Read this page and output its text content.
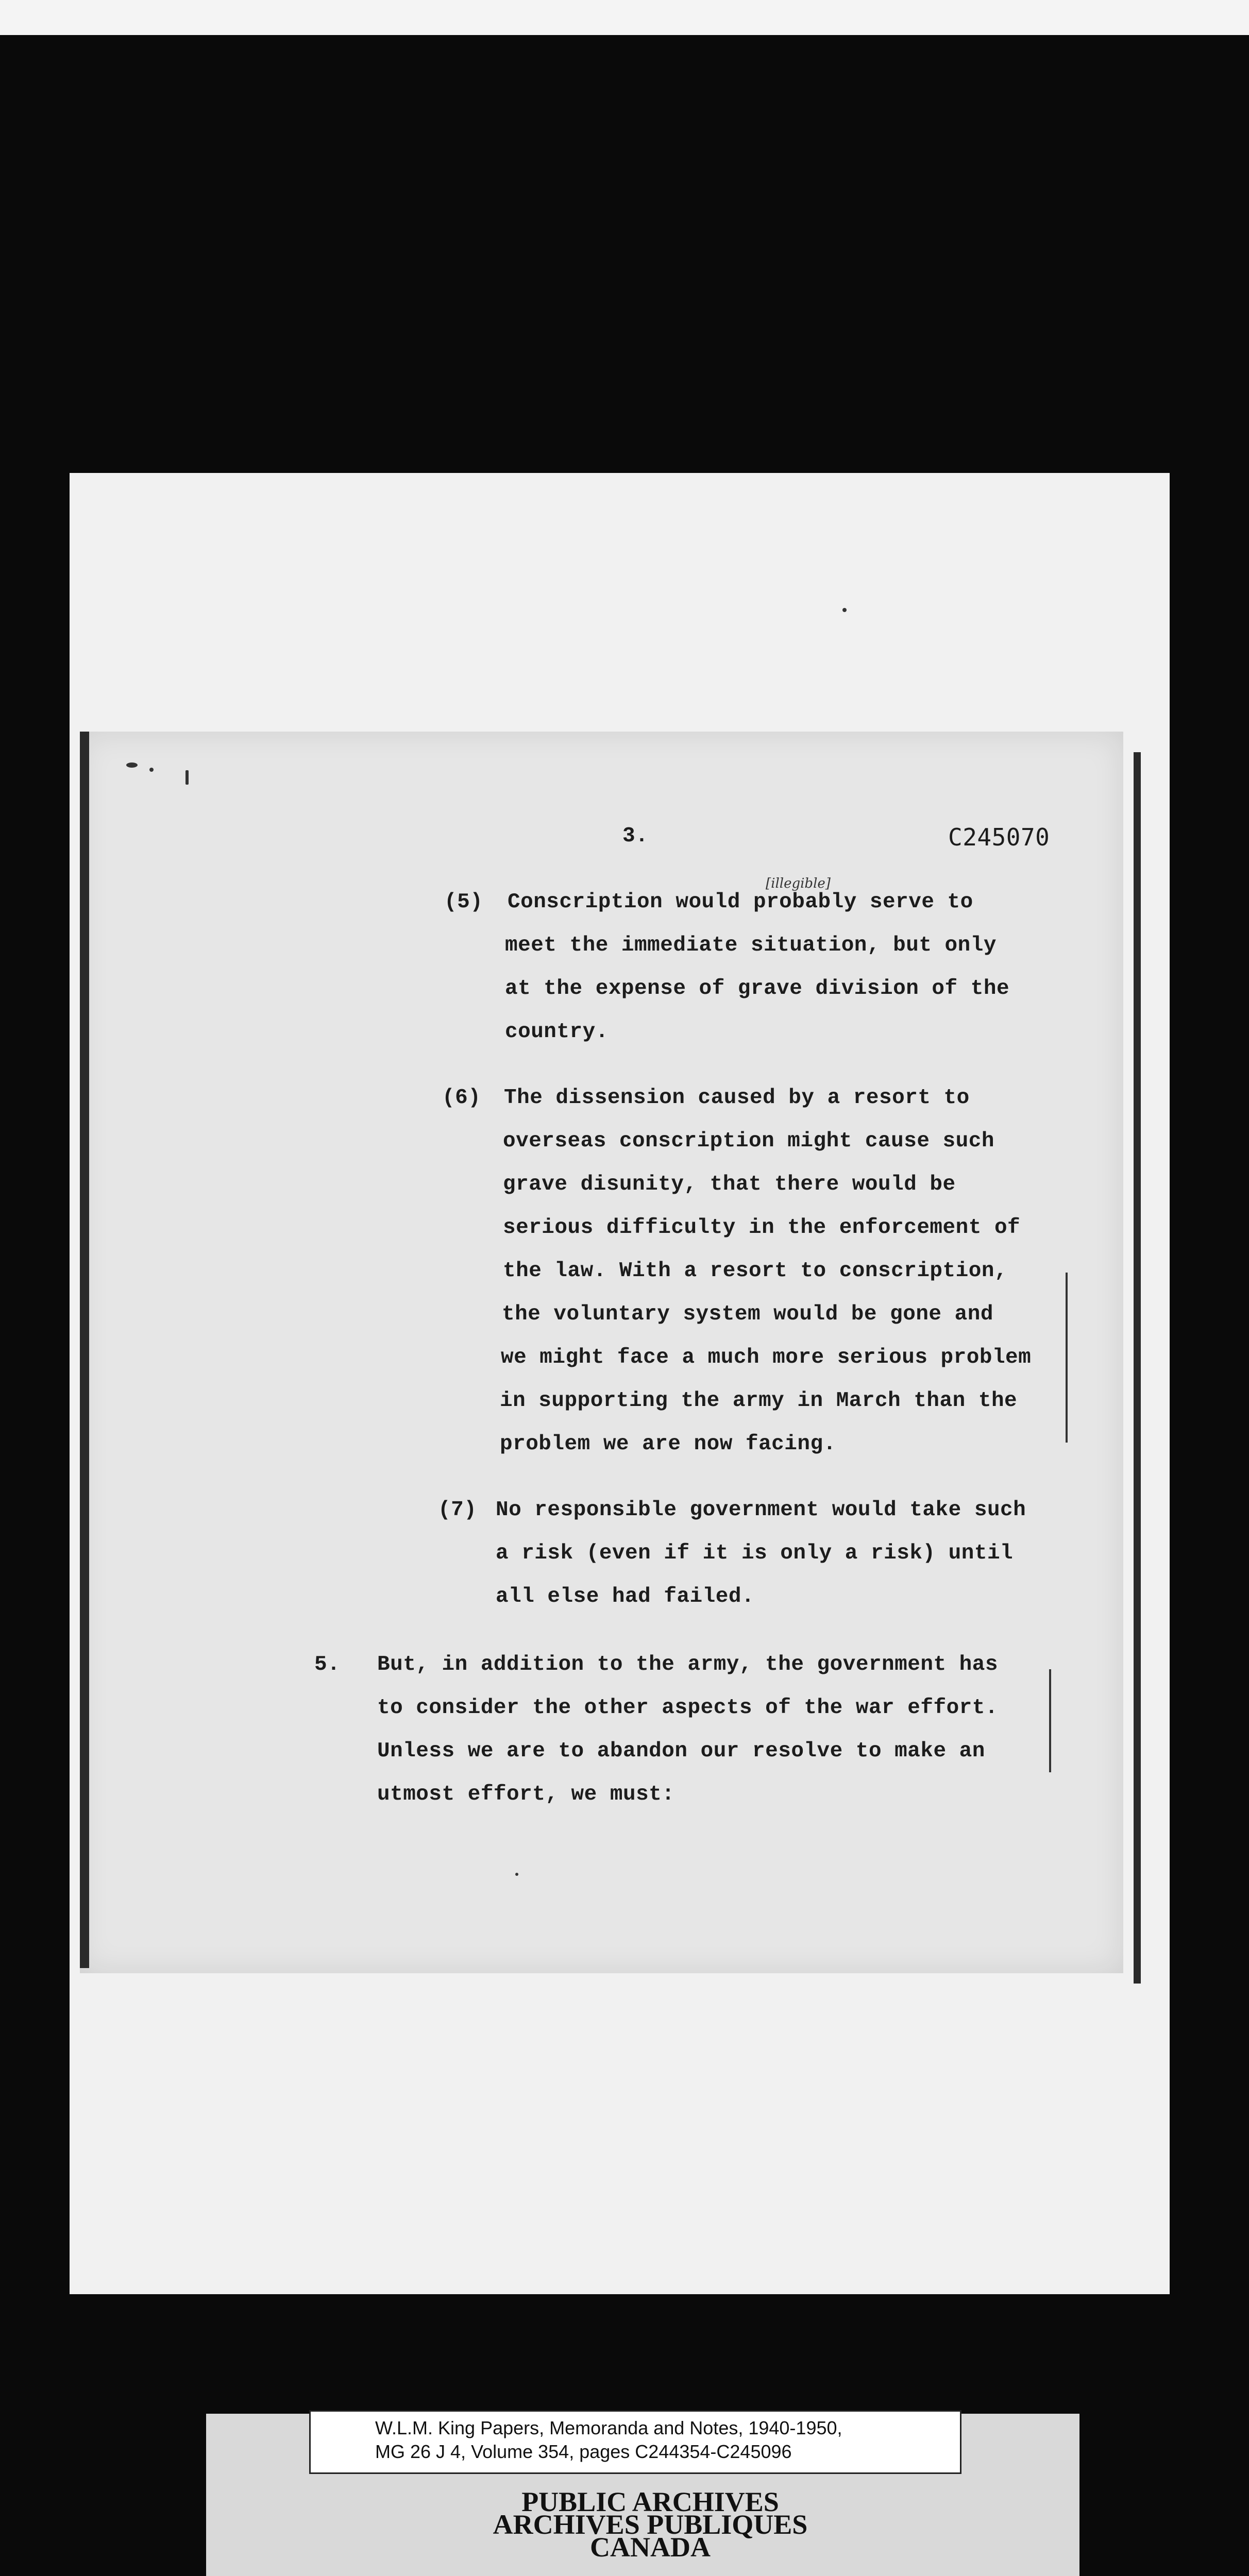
3.	C245070
[illegible]
(5) Conscription would probably serve to
meet the immediate situation, but only
at the expense of grave division of the
country.
(6) The dissension caused by a resort to
overseas conscription might cause such
grave disunity, that there would be
serious difficulty in the enforcement of
the law. With a resort to conscription,
the voluntary system would be gone and
we might face a much more serious problem
in supporting the army in March than the
problem we are now facing.
(7) No responsible government would take such
a risk (even if it is only a risk) until
all else had failed.
5. But, in addition to the army, the government has
to consider the other aspects of the war effort.
Unless we are to abandon our resolve to make an
utmost effort, we must:
W.L.M. King Papers, Memoranda and Notes, 1940-1950,
MG 26 J 4, Volume 354, pages C244354-C245096
PUBLIC ARCHIVES
ARCHIVES PUBLIQUES
CANADA
